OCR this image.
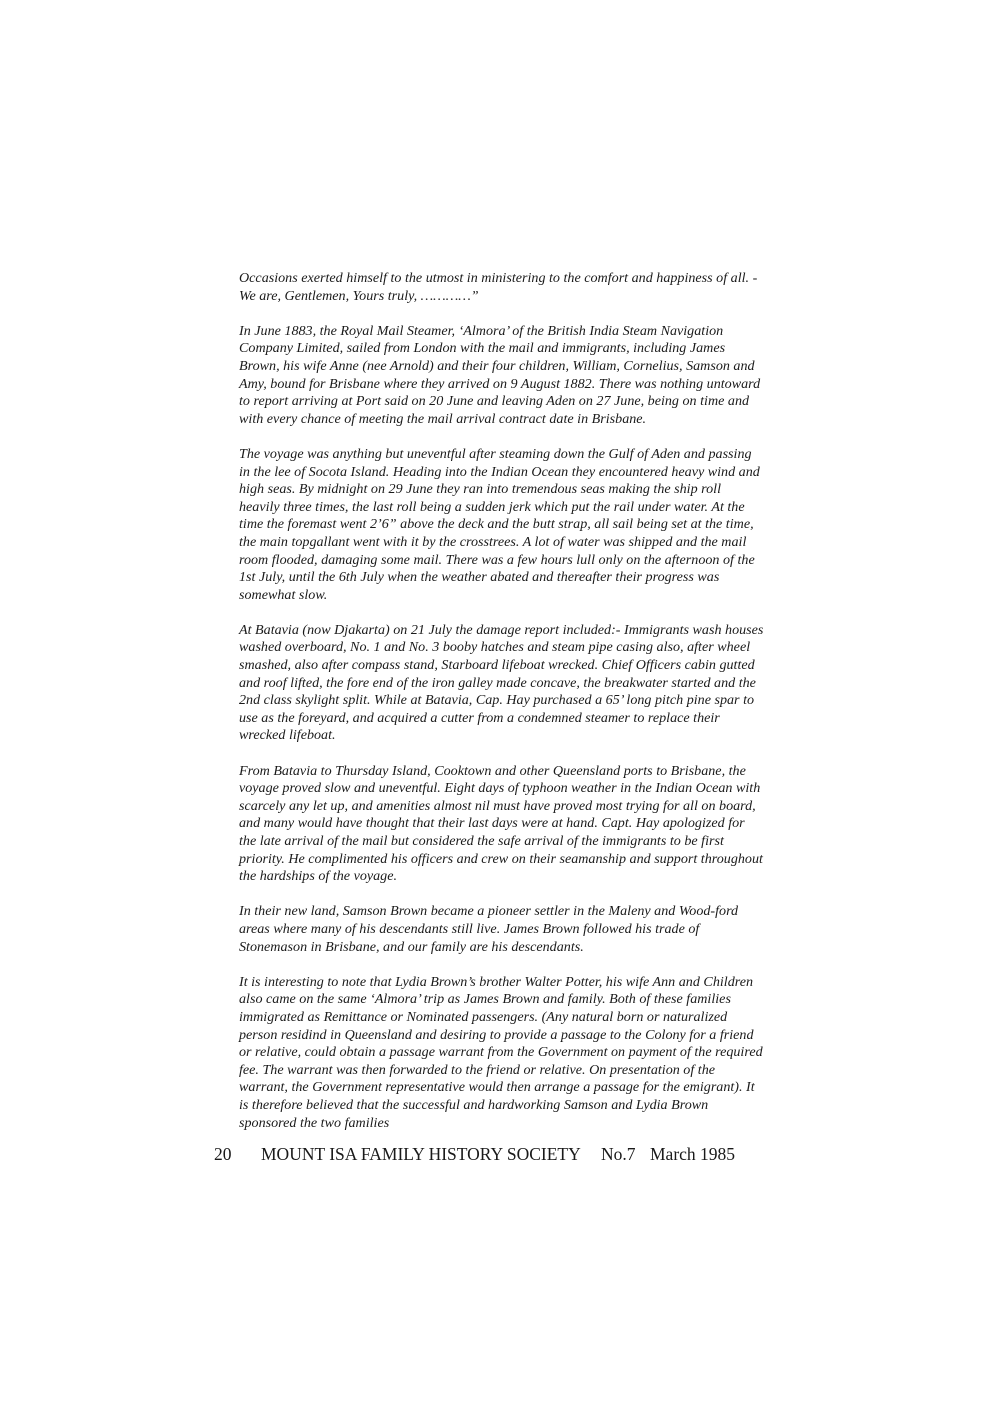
Occasions exerted himself to the utmost in ministering to the comfort and happiness of all. - We are, Gentlemen, Yours truly, …………”

In June 1883, the Royal Mail Steamer, ‘Almora’ of the British India Steam Navigation Company Limited, sailed from London with the mail and immigrants, including James Brown, his wife Anne (nee Arnold) and their four children, William, Cornelius, Samson and Amy, bound for Brisbane where they arrived on 9 August 1882. There was nothing untoward to report arriving at Port said on 20 June and leaving Aden on 27 June, being on time and with every chance of meeting the mail arrival contract date in Brisbane.

The voyage was anything but uneventful after steaming down the Gulf of Aden and passing in the lee of Socota Island. Heading into the Indian Ocean they encountered heavy wind and high seas. By midnight on 29 June they ran into tremendous seas making the ship roll heavily three times, the last roll being a sudden jerk which put the rail under water. At the time the foremast went 2’6” above the deck and the butt strap, all sail being set at the time, the main topgallant went with it by the crosstrees. A lot of water was shipped and the mail room flooded, damaging some mail. There was a few hours lull only on the afternoon of the 1st July, until the 6th July when the weather abated and thereafter their progress was somewhat slow.

At Batavia (now Djakarta) on 21 July the damage report included:- Immigrants wash houses washed overboard, No. 1 and No. 3 booby hatches and steam pipe casing also, after wheel smashed, also after compass stand, Starboard lifeboat wrecked. Chief Officers cabin gutted and roof lifted, the fore end of the iron galley made concave, the breakwater started and the 2nd class skylight split. While at Batavia, Cap. Hay purchased a 65’ long pitch pine spar to use as the foreyard, and acquired a cutter from a condemned steamer to replace their wrecked lifeboat.

From Batavia to Thursday Island, Cooktown and other Queensland ports to Brisbane, the voyage proved slow and uneventful. Eight days of typhoon weather in the Indian Ocean with scarcely any let up, and amenities almost nil must have proved most trying for all on board, and many would have thought that their last days were at hand. Capt. Hay apologized for the late arrival of the mail but considered the safe arrival of the immigrants to be first priority. He complimented his officers and crew on their seamanship and support throughout the hardships of the voyage.

In their new land, Samson Brown became a pioneer settler in the Maleny and Wood-ford areas where many of his descendants still live. James Brown followed his trade of Stonemason in Brisbane, and our family are his descendants.

It is interesting to note that Lydia Brown’s brother Walter Potter, his wife Ann and Children also came on the same ‘Almora’ trip as James Brown and family. Both of these families immigrated as Remittance or Nominated passengers. (Any natural born or naturalized person residind in Queensland and desiring to provide a passage to the Colony for a friend or relative, could obtain a passage warrant from the Government on payment of the required fee. The warrant was then forwarded to the friend or relative. On presentation of the warrant, the Government representative would then arrange a passage for the emigrant). It is therefore believed that the successful and hardworking Samson and Lydia Brown sponsored the two families

20 MOUNT ISA FAMILY HISTORY SOCIETY No.7 March 1985
